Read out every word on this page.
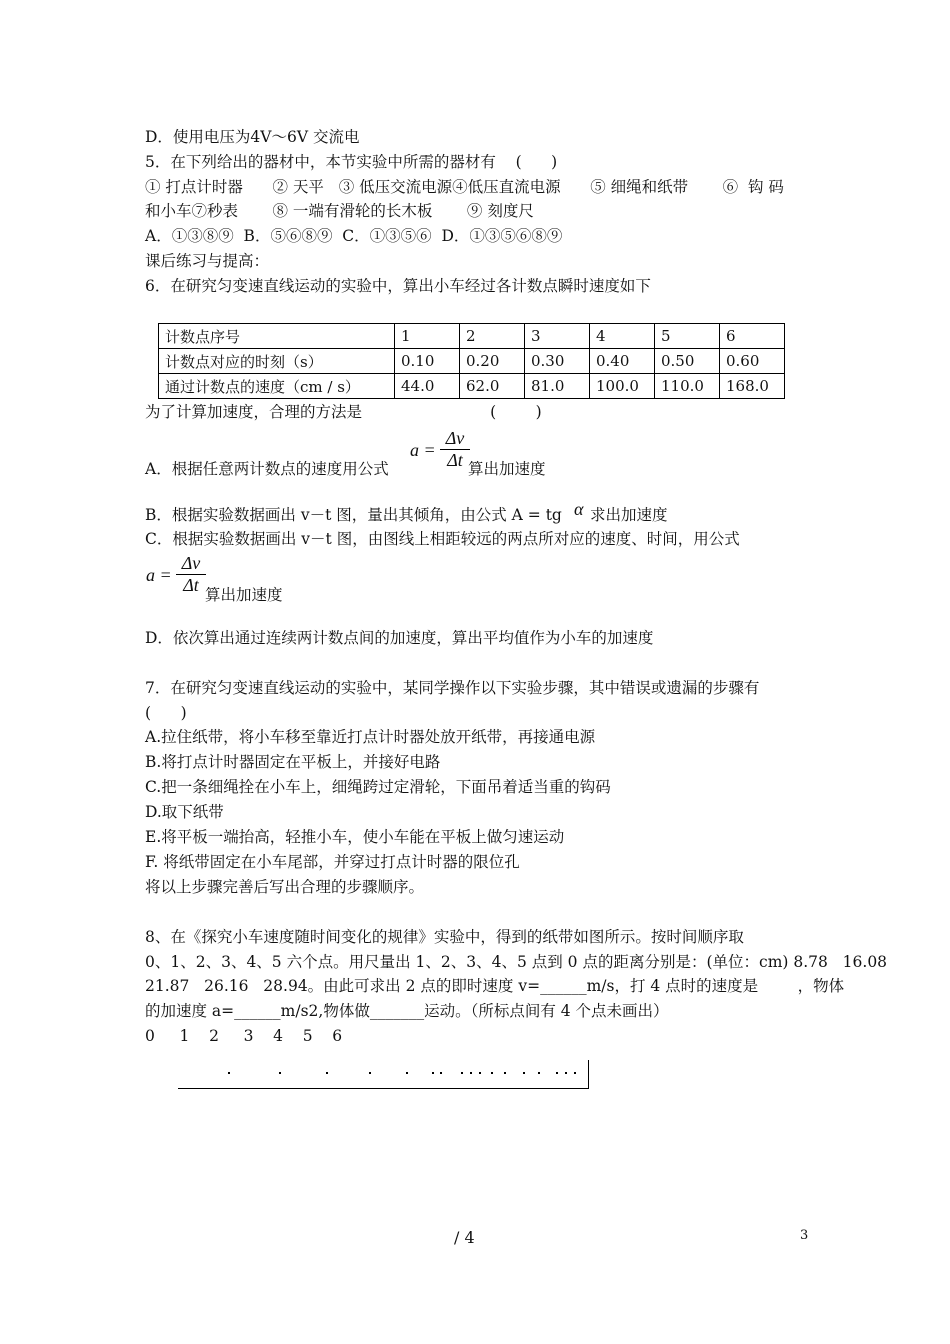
D．使用电压为4V～6V 交流电
5．在下列给出的器材中，本节实验中所需的器材有    (      )
① 打点计时器      ② 天平   ③ 低压交流电源④低压直流电源      ⑤ 细绳和纸带       ⑥  钩 码
和小车⑦秒表       ⑧ 一端有滑轮的长木板       ⑨ 刻度尺
A．①③⑧⑨  B．⑤⑥⑧⑨  C．①③⑤⑥  D．①③⑤⑥⑧⑨
课后练习与提高：
6．在研究匀变速直线运动的实验中，算出小车经过各计数点瞬时速度如下
计数点序号	1	2	3	4	5	6
计数点对应的时刻（s）	0.10	0.20	0.30	0.40	0.50	0.60
通过计数点的速度（cm / s）	44.0	62.0	81.0	100.0	110.0	168.0
为了计算加速度，合理的方法是                          (        )
$a = \frac{\Delta v}{\Delta t}$
A．根据任意两计数点的速度用公式	算出加速度
B．根据实验数据画出 v－t 图，量出其倾角，由公式 A = tg α 求出加速度
C．根据实验数据画出 v－t 图，由图线上相距较远的两点所对应的速度、时间，用公式
$a = \frac{\Delta v}{\Delta t}$ 算出加速度
D．依次算出通过连续两计数点间的加速度，算出平均值作为小车的加速度
7．在研究匀变速直线运动的实验中，某同学操作以下实验步骤，其中错误或遗漏的步骤有
(      )
A.拉住纸带，将小车移至靠近打点计时器处放开纸带，再接通电源
B.将打点计时器固定在平板上，并接好电路
C.把一条细绳拴在小车上，细绳跨过定滑轮，下面吊着适当重的钩码
D.取下纸带
E.将平板一端抬高，轻推小车，使小车能在平板上做匀速运动
F. 将纸带固定在小车尾部，并穿过打点计时器的限位孔
将以上步骤完善后写出合理的步骤顺序。
8、在《探究小车速度随时间变化的规律》实验中，得到的纸带如图所示。按时间顺序取
0、1、2、3、4、5 六个点。用尺量出 1、2、3、4、5 点到 0 点的距离分别是：(单位：cm) 8.78   16.08
21.87   26.16   28.94。由此可求出 2 点的即时速度 v=______m/s，打 4 点时的速度是        ，物体
的加速度 a=______m/s2,物体做_______运动。（所标点间有 4 个点未画出）
0     1    2     3    4    5    6
/ 4	3
